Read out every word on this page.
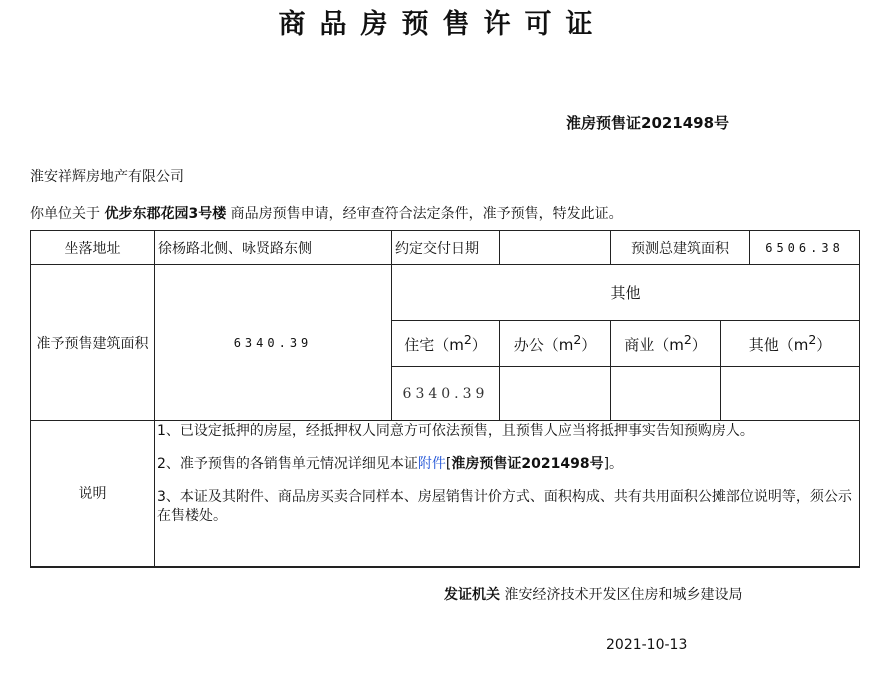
商品房预售许可证
淮房预售证2021498号
淮安祥辉房地产有限公司
你单位关于 优步东郡花园3号楼 商品房预售申请，经审查符合法定条件，准予预售，特发此证。
坐落地址	徐杨路北侧、咏贤路东侧	约定交付日期		预测总建筑面积 6506.38	

准予预售建筑面积	6340.39	其他			
		住宅$(m^2)$	办公$(m^2)$	商业$(m^2)$	其他$(m^2)$
		6340.39			
说明	1、已设定抵押的房屋，经抵押权人同意方可依法预售，且预售人应当将抵押事实告知预购房人。
2、准予预售的各销售单元情况详细见本证附件[淮房预售证2021498号]。
3、本证及其附件、商品房买卖合同样本、房屋销售计价方式、面积构成、共有共用面积公摊部位说明等，须公示在售楼处。				
发证机关 淮安经济技术开发区住房和城乡建设局
2021-10-13
